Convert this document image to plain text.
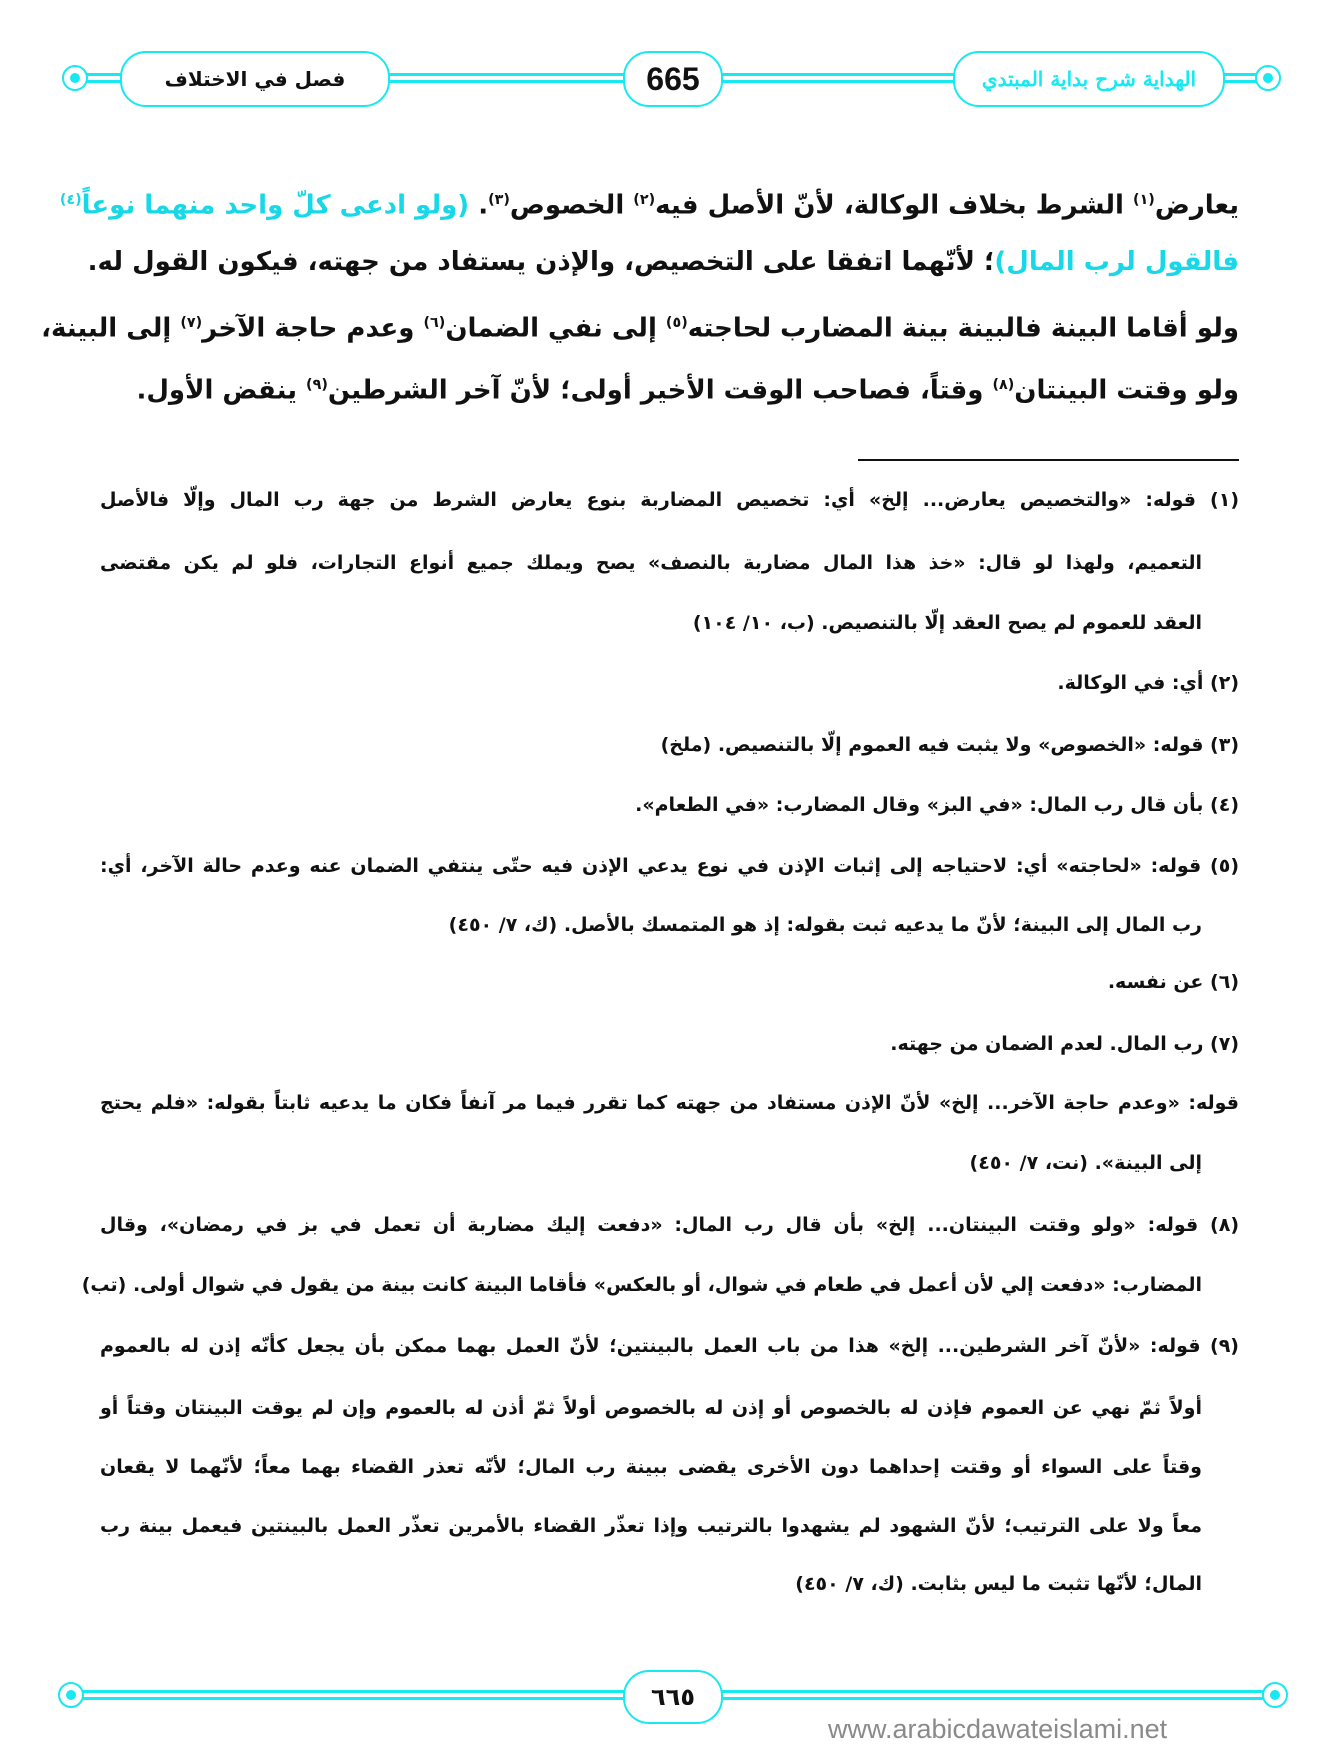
فصل في الاختلاف	665	الهداية شرح بداية المبتدي
يعارض$^{(١)}$ الشرط بخلاف الوكالة، لأنّ الأصل فيه$^{(٢)}$ الخصوص$^{(٣)}$. (ولو ادعى كلّ واحد منهما نوعاً$^{(٤)}$
فالقول لرب المال)؛ لأنّهما اتفقا على التخصيص، والإذن يستفاد من جهته، فيكون القول له.
ولو أقاما البينة فالبينة بينة المضارب لحاجته$^{(٥)}$ إلى نفي الضمان$^{(٦)}$ وعدم حاجة الآخر$^{(٧)}$ إلى البينة،
ولو وقتت البينتان$^{(٨)}$ وقتاً، فصاحب الوقت الأخير أولى؛ لأنّ آخر الشرطين$^{(٩)}$ ينقض الأول.
(١) قوله: «والتخصيص يعارض... إلخ» أي: تخصيص المضاربة بنوع يعارض الشرط من جهة رب المال وإلّا فالأصل
التعميم، ولهذا لو قال: «خذ هذا المال مضاربة بالنصف» يصح ويملك جميع أنواع التجارات، فلو لم يكن مقتضى
العقد للعموم لم يصح العقد إلّا بالتنصيص. (ب، ١٠/ ١٠٤)
(٢) أي: في الوكالة.
(٣) قوله: «الخصوص» ولا يثبت فيه العموم إلّا بالتنصيص. (ملخ)
(٤) بأن قال رب المال: «في البز» وقال المضارب: «في الطعام».
(٥) قوله: «لحاجته» أي: لاحتياجه إلى إثبات الإذن في نوع يدعي الإذن فيه حتّى ينتفي الضمان عنه وعدم حالة الآخر، أي:
رب المال إلى البينة؛ لأنّ ما يدعيه ثبت بقوله: إذ هو المتمسك بالأصل. (ك، ٧/ ٤٥٠)
(٦) عن نفسه.
(٧) رب المال. لعدم الضمان من جهته.
قوله: «وعدم حاجة الآخر... إلخ» لأنّ الإذن مستفاد من جهته كما تقرر فيما مر آنفاً فكان ما يدعيه ثابتاً بقوله: «فلم يحتج
إلى البينة». (نت، ٧/ ٤٥٠)
(٨) قوله: «ولو وقتت البينتان... إلخ» بأن قال رب المال: «دفعت إليك مضاربة أن تعمل في بز في رمضان»، وقال
المضارب: «دفعت إلي لأن أعمل في طعام في شوال، أو بالعكس» فأقاما البينة كانت بينة من يقول في شوال أولى. (تب)
(٩) قوله: «لأنّ آخر الشرطين... إلخ» هذا من باب العمل بالبينتين؛ لأنّ العمل بهما ممكن بأن يجعل كأنّه إذن له بالعموم
أولاً ثمّ نهي عن العموم فإذن له بالخصوص أو إذن له بالخصوص أولاً ثمّ أذن له بالعموم وإن لم يوقت البينتان وقتاً أو
وقتاً على السواء أو وقتت إحداهما دون الأخرى يقضى ببينة رب المال؛ لأنّه تعذر القضاء بهما معاً؛ لأنّهما لا يقعان
معاً ولا على الترتيب؛ لأنّ الشهود لم يشهدوا بالترتيب وإذا تعذّر القضاء بالأمرين تعذّر العمل بالبينتين فيعمل بينة رب
المال؛ لأنّها تثبت ما ليس بثابت. (ك، ٧/ ٤٥٠)
٦٦٥
www.arabicdawateislami.net
